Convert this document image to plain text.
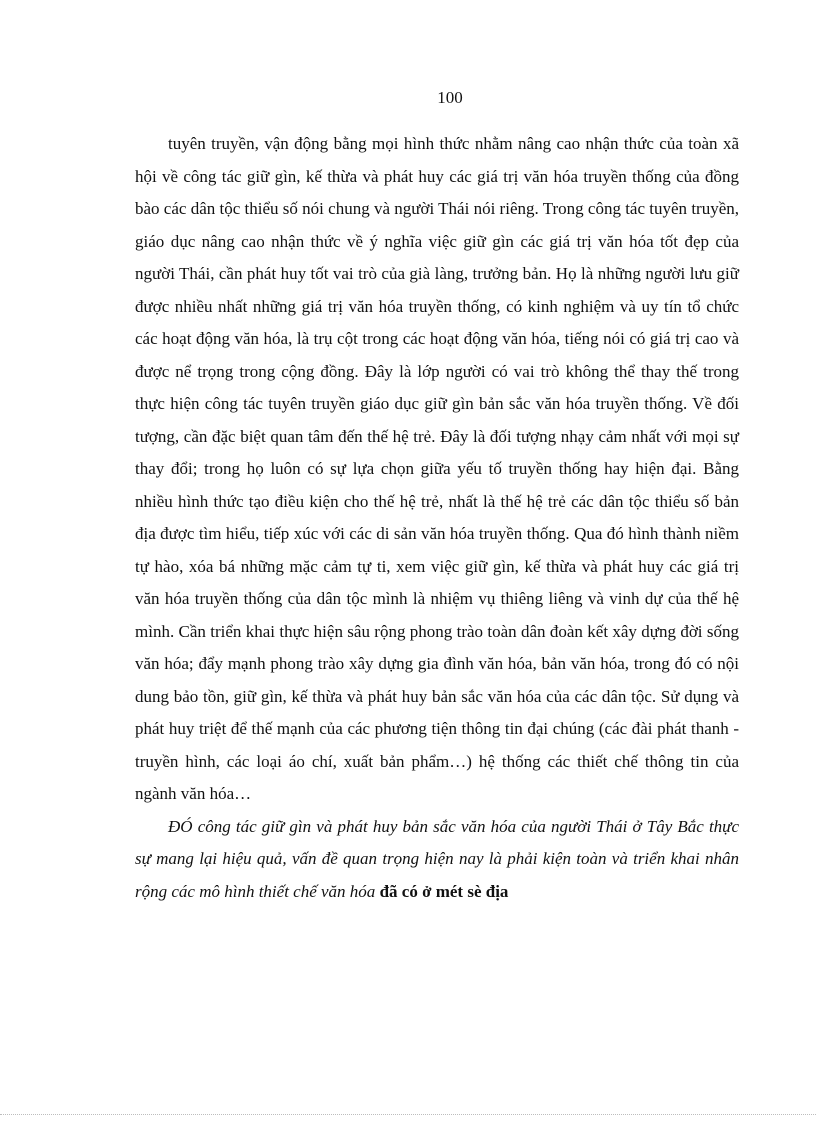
100

tuyên truyền, vận động bằng mọi hình thức nhằm nâng cao nhận thức của toàn xã hội về công tác giữ gìn, kế thừa và phát huy các giá trị văn hóa truyền thống của đồng bào các dân tộc thiểu số nói chung và người Thái nói riêng. Trong công tác tuyên truyền, giáo dục nâng cao nhận thức về ý nghĩa việc giữ gìn các giá trị văn hóa tốt đẹp của người Thái, cần phát huy tốt vai trò của già làng, trưởng bản. Họ là những người lưu giữ được nhiều nhất những giá trị văn hóa truyền thống, có kinh nghiệm và uy tín tổ chức các hoạt động văn hóa, là trụ cột trong các hoạt động văn hóa, tiếng nói có giá trị cao và được nể trọng trong cộng đồng. Đây là lớp người có vai trò không thể thay thế trong thực hiện công tác tuyên truyền giáo dục giữ gìn bản sắc văn hóa truyền thống. Về đối tượng, cần đặc biệt quan tâm đến thế hệ trẻ. Đây là đối tượng nhạy cảm nhất với mọi sự thay đổi; trong họ luôn có sự lựa chọn giữa yếu tố truyền thống hay hiện đại. Bằng nhiều hình thức tạo điều kiện cho thế hệ trẻ, nhất là thế hệ trẻ các dân tộc thiểu số bản địa được tìm hiểu, tiếp xúc với các di sản văn hóa truyền thống. Qua đó hình thành niềm tự hào, xóa bá những mặc cảm tự ti, xem việc giữ gìn, kế thừa và phát huy các giá trị văn hóa truyền thống của dân tộc mình là nhiệm vụ thiêng liêng và vinh dự của thế hệ mình. Cần triển khai thực hiện sâu rộng phong trào toàn dân đoàn kết xây dựng đời sống văn hóa; đẩy mạnh phong trào xây dựng gia đình văn hóa, bản văn hóa, trong đó có nội dung bảo tồn, giữ gìn, kế thừa và phát huy bản sắc văn hóa của các dân tộc. Sử dụng và phát huy triệt để thế mạnh của các phương tiện thông tin đại chúng (các đài phát thanh - truyền hình, các loại áo chí, xuất bản phẩm…) hệ thống các thiết chế thông tin của ngành văn hóa…

ĐÓ công tác giữ gìn và phát huy bản sắc văn hóa của người Thái ở Tây Bắc thực sự mang lại hiệu quả, vấn đề quan trọng hiện nay là phải kiện toàn và triển khai nhân rộng các mô hình thiết chế văn hóa đã có ở mét sè địa
